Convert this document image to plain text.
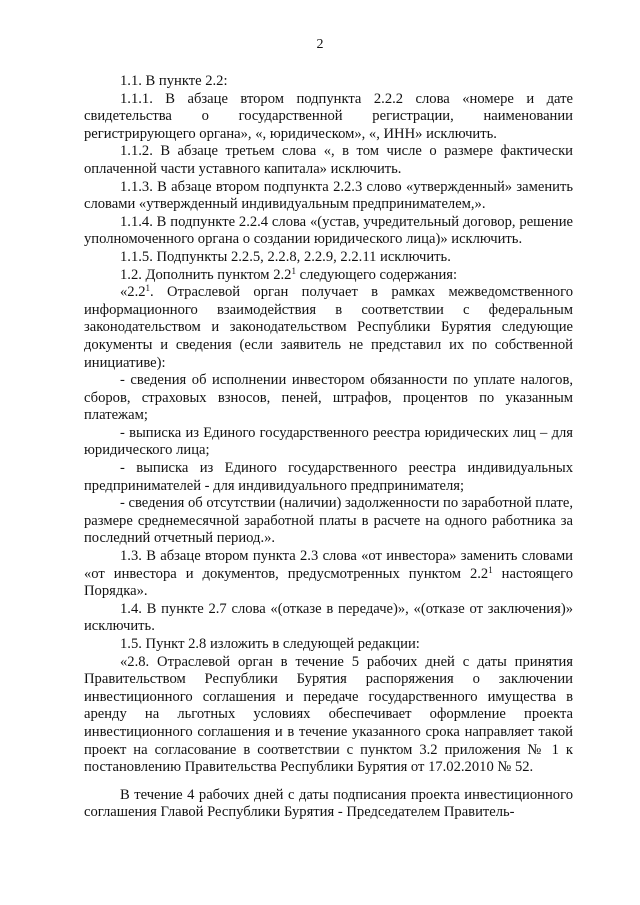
2

1.1. В пункте 2.2:

1.1.1. В абзаце втором подпункта 2.2.2 слова «номере и дате свидетельства о государственной регистрации, наименовании регистрирующего органа», «, юридическом», «, ИНН» исключить.

1.1.2. В абзаце третьем слова «, в том числе о размере фактически оплаченной части уставного капитала» исключить.

1.1.3. В абзаце втором подпункта 2.2.3 слово «утвержденный» заменить словами «утвержденный индивидуальным предпринимателем,».

1.1.4. В подпункте 2.2.4 слова «(устав, учредительный договор, решение уполномоченного органа о создании юридического лица)» исключить.

1.1.5. Подпункты 2.2.5, 2.2.8, 2.2.9, 2.2.11 исключить.

1.2. Дополнить пунктом $2.2^1$ следующего содержания:

«$2.2^1$. Отраслевой орган получает в рамках межведомственного информационного взаимодействия в соответствии с федеральным законодательством и законодательством Республики Бурятия следующие документы и сведения (если заявитель не представил их по собственной инициативе):

- сведения об исполнении инвестором обязанности по уплате налогов, сборов, страховых взносов, пеней, штрафов, процентов по указанным платежам;

- выписка из Единого государственного реестра юридических лиц – для юридического лица;

- выписка из Единого государственного реестра индивидуальных предпринимателей - для индивидуального предпринимателя;

- сведения об отсутствии (наличии) задолженности по заработной плате, размере среднемесячной заработной платы в расчете на одного работника за последний отчетный период.».

1.3. В абзаце втором пункта 2.3 слова «от инвестора» заменить словами «от инвестора и документов, предусмотренных пунктом $2.2^1$ настоящего Порядка».

1.4. В пункте 2.7 слова «(отказе в передаче)», «(отказе от заключения)» исключить.

1.5. Пункт 2.8 изложить в следующей редакции:

«2.8. Отраслевой орган в течение 5 рабочих дней с даты принятия Правительством Республики Бурятия распоряжения о заключении инвестиционного соглашения и передаче государственного имущества в аренду на льготных условиях обеспечивает оформление проекта инвестиционного соглашения и в течение указанного срока направляет такой проект на согласование в соответствии с пунктом 3.2 приложения № 1 к постановлению Правительства Республики Бурятия от 17.02.2010 № 52.

В течение 4 рабочих дней с даты подписания проекта инвестиционного соглашения Главой Республики Бурятия - Председателем Правитель-
